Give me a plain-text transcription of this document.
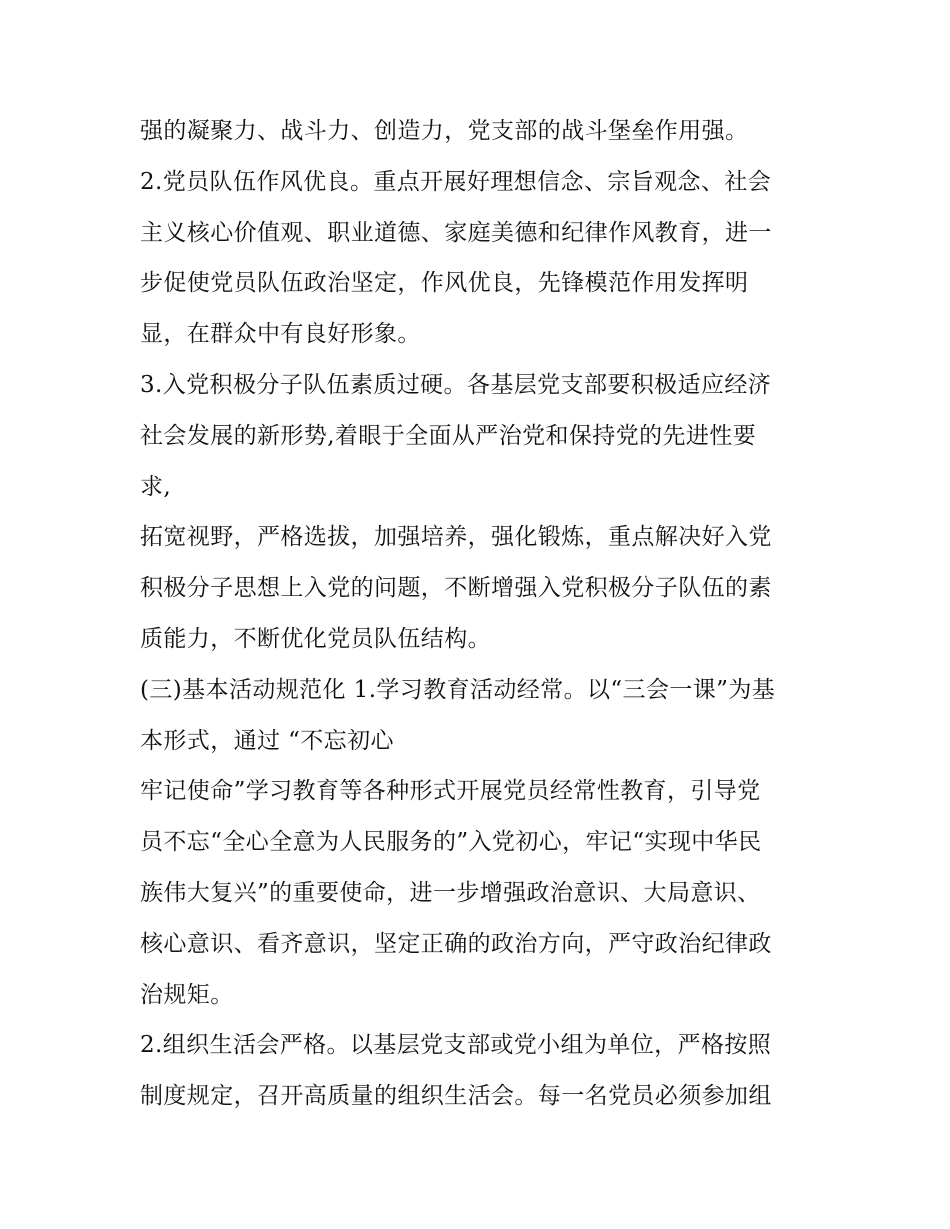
强的凝聚力、战斗力、创造力，党支部的战斗堡垒作用强。
2.党员队伍作风优良。重点开展好理想信念、宗旨观念、社会
主义核心价值观、职业道德、家庭美德和纪律作风教育，进一
步促使党员队伍政治坚定，作风优良，先锋模范作用发挥明
显，在群众中有良好形象。
3.入党积极分子队伍素质过硬。各基层党支部要积极适应经济
社会发展的新形势,着眼于全面从严治党和保持党的先进性要
求,
拓宽视野，严格选拔，加强培养，强化锻炼，重点解决好入党
积极分子思想上入党的问题，不断增强入党积极分子队伍的素
质能力，不断优化党员队伍结构。
(三)基本活动规范化 1.学习教育活动经常。以“三会一课”为基
本形式，通过 “不忘初心
牢记使命”学习教育等各种形式开展党员经常性教育，引导党
员不忘“全心全意为人民服务的”入党初心，牢记“实现中华民
族伟大复兴”的重要使命，进一步增强政治意识、大局意识、
核心意识、看齐意识，坚定正确的政治方向，严守政治纪律政
治规矩。
2.组织生活会严格。以基层党支部或党小组为单位，严格按照
制度规定，召开高质量的组织生活会。每一名党员必须参加组
